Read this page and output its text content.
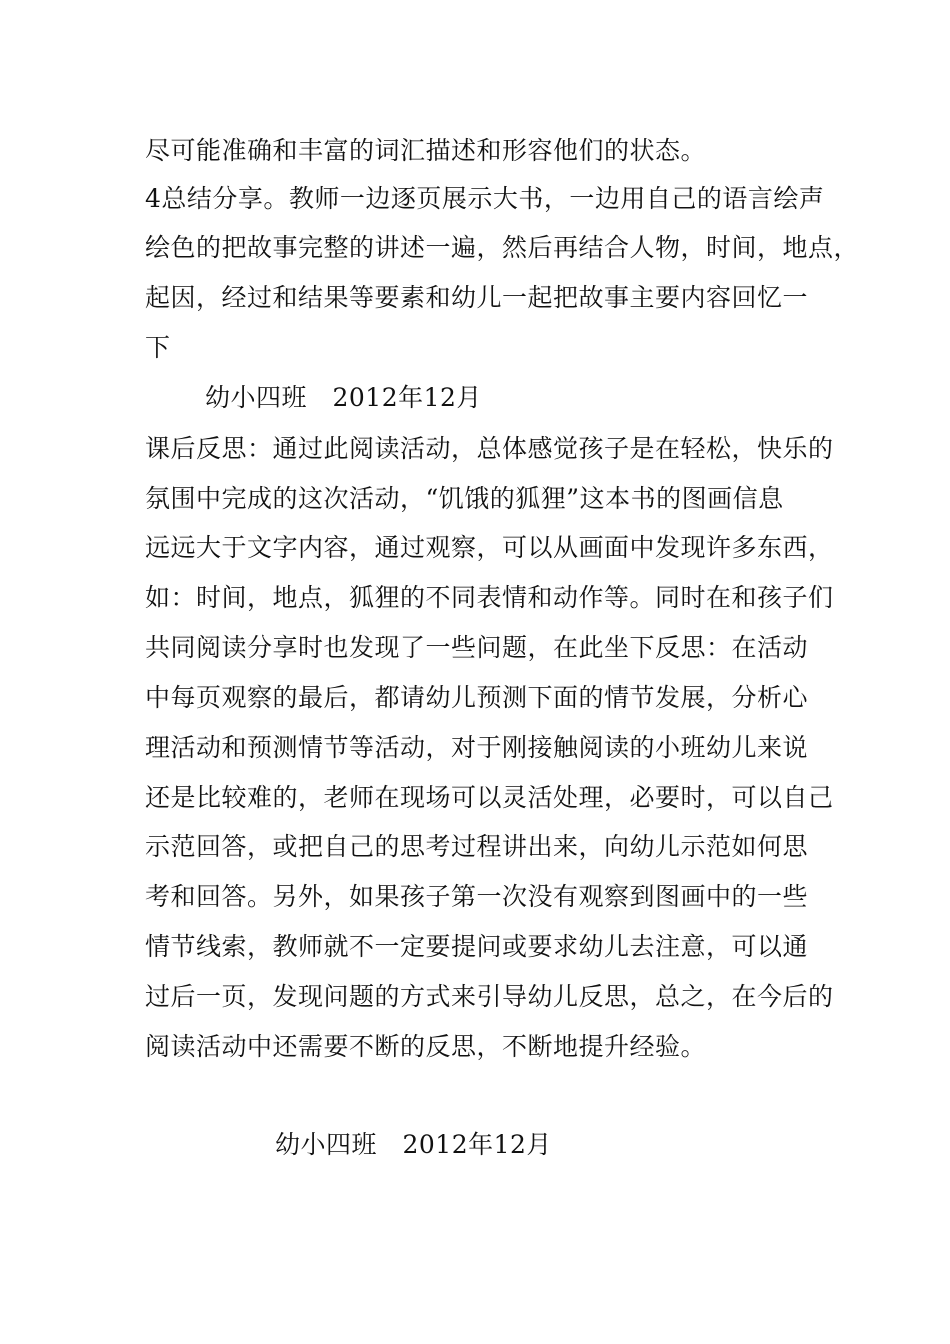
尽可能准确和丰富的词汇描述和形容他们的状态。
4总结分享。教师一边逐页展示大书，一边用自己的语言绘声
绘色的把故事完整的讲述一遍，然后再结合人物，时间，地点，
起因，经过和结果等要素和幼儿一起把故事主要内容回忆一
下
幼小四班　2012年12月
课后反思：通过此阅读活动，总体感觉孩子是在轻松，快乐的
氛围中完成的这次活动，“饥饿的狐狸”这本书的图画信息
远远大于文字内容，通过观察，可以从画面中发现许多东西，
如：时间，地点，狐狸的不同表情和动作等。同时在和孩子们
共同阅读分享时也发现了一些问题，在此坐下反思：在活动
中每页观察的最后，都请幼儿预测下面的情节发展，分析心
理活动和预测情节等活动，对于刚接触阅读的小班幼儿来说
还是比较难的，老师在现场可以灵活处理，必要时，可以自己
示范回答，或把自己的思考过程讲出来，向幼儿示范如何思
考和回答。另外，如果孩子第一次没有观察到图画中的一些
情节线索，教师就不一定要提问或要求幼儿去注意，可以通
过后一页，发现问题的方式来引导幼儿反思，总之，在今后的
阅读活动中还需要不断的反思，不断地提升经验。
幼小四班　2012年12月
